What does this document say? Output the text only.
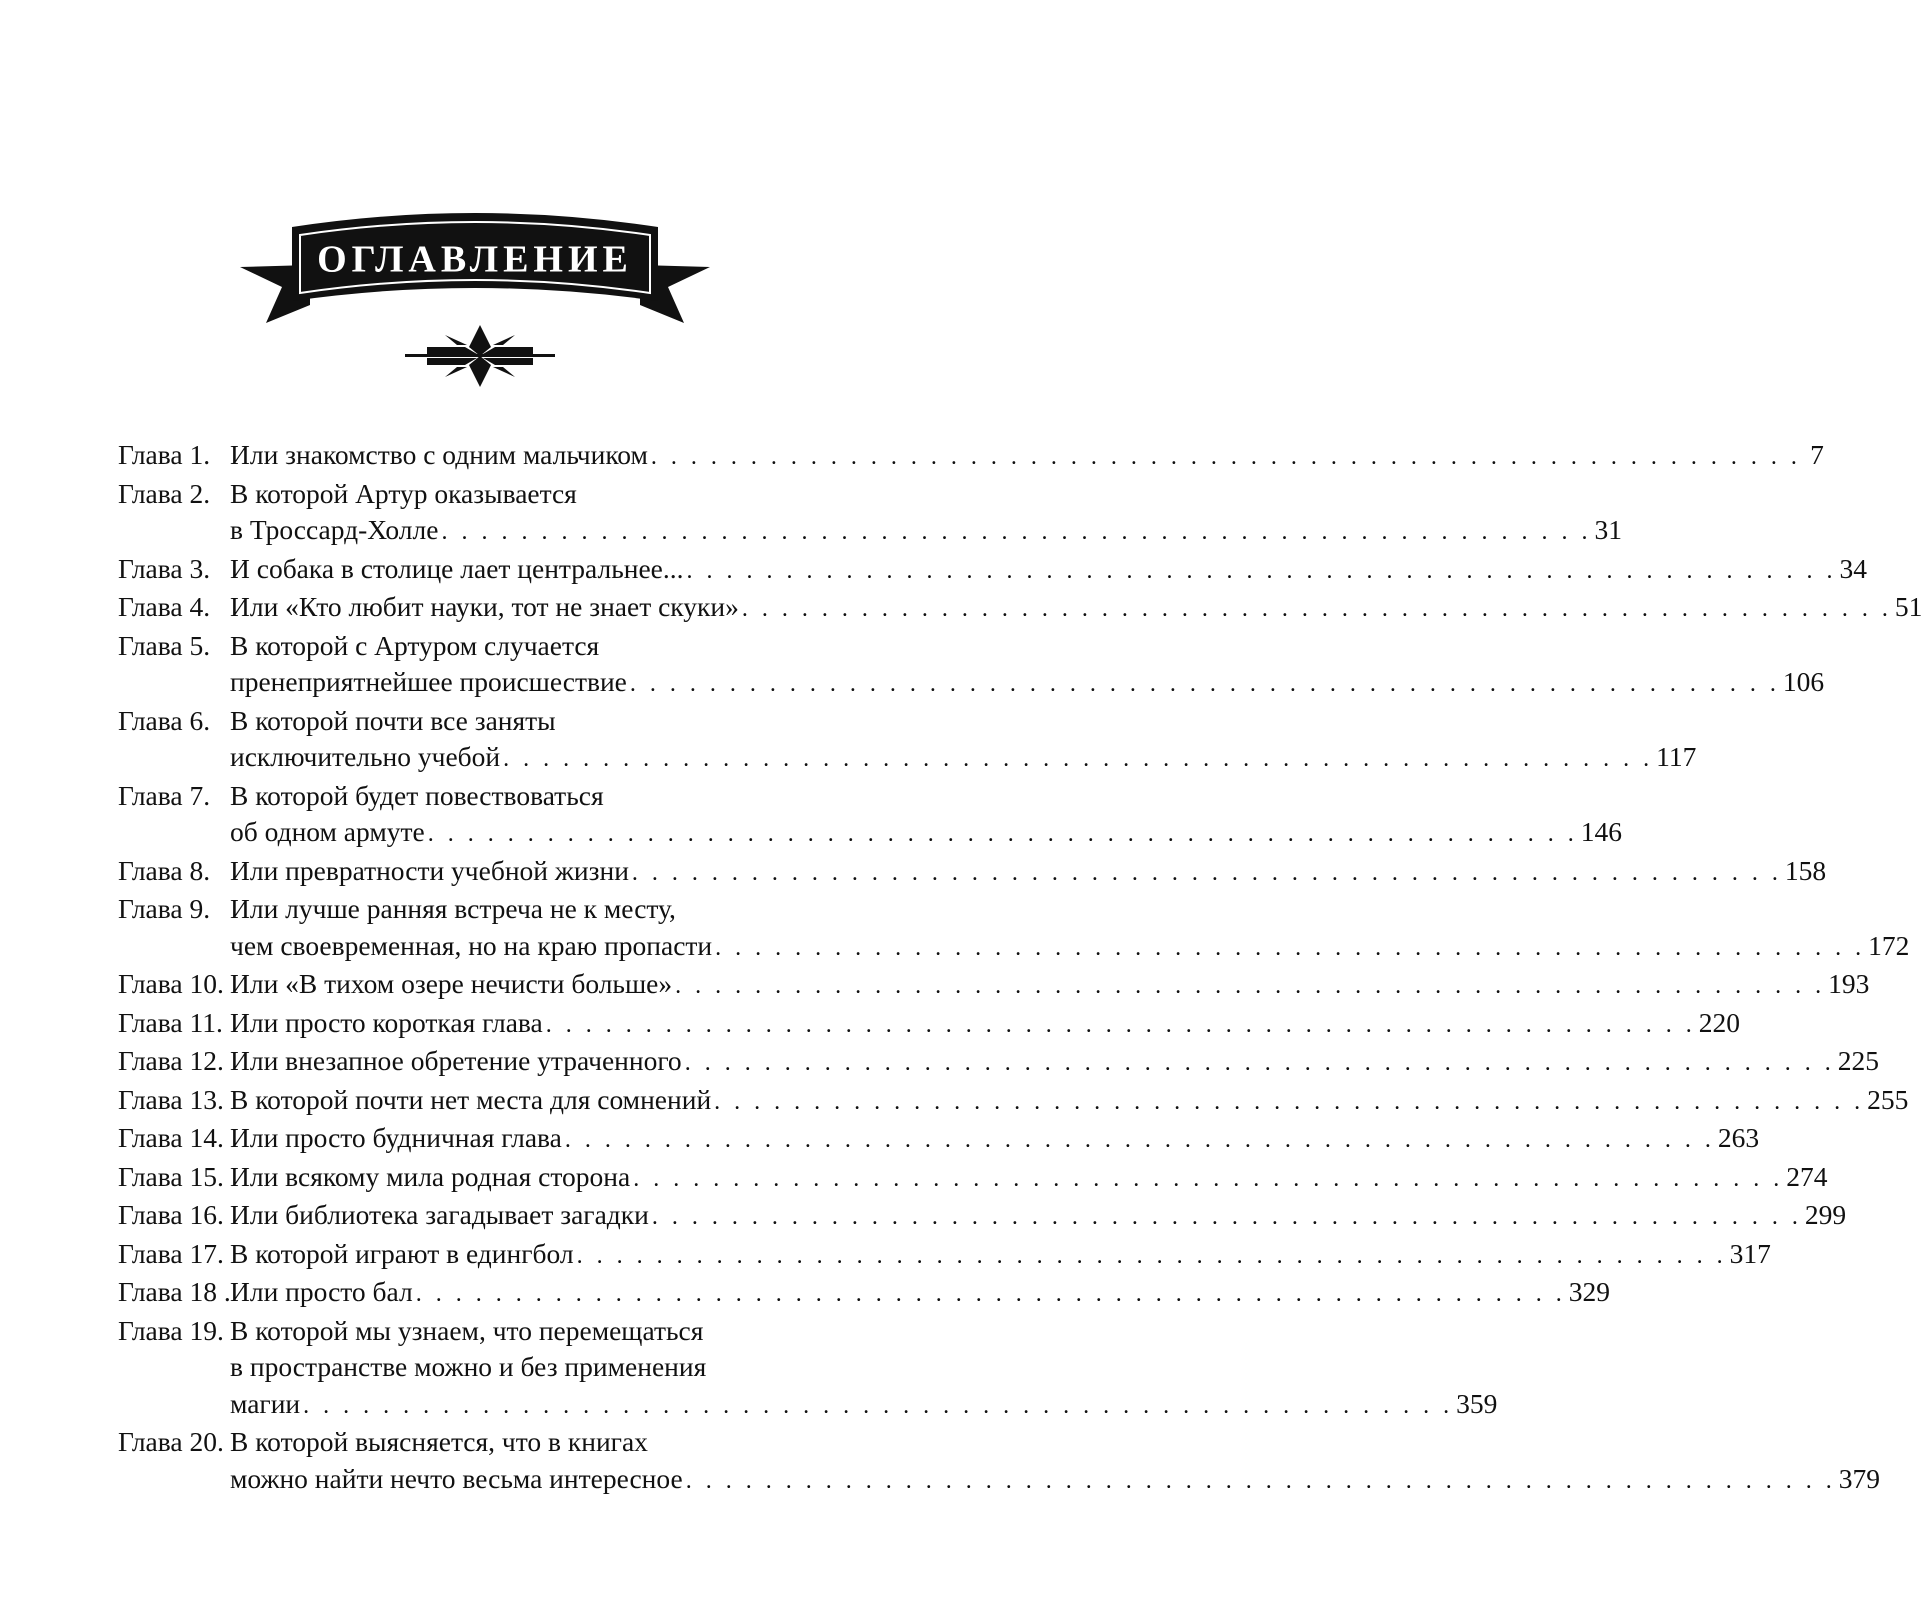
ОГЛАВЛЕНИЕ
Глава 1. Или знакомство с одним мальчиком . . . . . . . . . . . . . . . . . . . . . . . . . . . . . . . . . . . . . . . . . . . . . . . . . . . . . . . . . . 7
Глава 2. В которой Артур оказывается
в Троссард-Холле . . . . . . . . . . . . . . . . . . . . . . . . . . . . . . . . . . . . . . . . . . . . . . . . . . . . . . . . . . 31
Глава 3. И собака в столице лает центральнее... . . . . . . . . . . . . . . . . . . . . . . . . . . . . . . . . . . . . . . . . . . . . . . . . . . . . . . . . . . 34
Глава 4. Или «Кто любит науки, тот не знает скуки» . . . . . . . . . . . . . . . . . . . . . . . . . . . . . . . . . . . . . . . . . . . . . . . . . . . . . . . . . . 51
Глава 5. В которой с Артуром случается
пренеприятнейшее происшествие . . . . . . . . . . . . . . . . . . . . . . . . . . . . . . . . . . . . . . . . . . . . . . . . . . . . . . . . . . 106
Глава 6. В которой почти все заняты
исключительно учебой . . . . . . . . . . . . . . . . . . . . . . . . . . . . . . . . . . . . . . . . . . . . . . . . . . . . . . . . . . 117
Глава 7. В которой будет повествоваться
об одном армуте . . . . . . . . . . . . . . . . . . . . . . . . . . . . . . . . . . . . . . . . . . . . . . . . . . . . . . . . . . 146
Глава 8. Или превратности учебной жизни . . . . . . . . . . . . . . . . . . . . . . . . . . . . . . . . . . . . . . . . . . . . . . . . . . . . . . . . . . 158
Глава 9. Или лучше ранняя встреча не к месту,
чем своевременная, но на краю пропасти . . . . . . . . . . . . . . . . . . . . . . . . . . . . . . . . . . . . . . . . . . . . . . . . . . . . . . . . . . 172
Глава 10. Или «В тихом озере нечисти больше» . . . . . . . . . . . . . . . . . . . . . . . . . . . . . . . . . . . . . . . . . . . . . . . . . . . . . . . . . . 193
Глава 11. Или просто короткая глава . . . . . . . . . . . . . . . . . . . . . . . . . . . . . . . . . . . . . . . . . . . . . . . . . . . . . . . . . . 220
Глава 12. Или внезапное обретение утраченного . . . . . . . . . . . . . . . . . . . . . . . . . . . . . . . . . . . . . . . . . . . . . . . . . . . . . . . . . . 225
Глава 13. В которой почти нет места для сомнений . . . . . . . . . . . . . . . . . . . . . . . . . . . . . . . . . . . . . . . . . . . . . . . . . . . . . . . . . . 255
Глава 14. Или просто будничная глава . . . . . . . . . . . . . . . . . . . . . . . . . . . . . . . . . . . . . . . . . . . . . . . . . . . . . . . . . . 263
Глава 15. Или всякому мила родная сторона . . . . . . . . . . . . . . . . . . . . . . . . . . . . . . . . . . . . . . . . . . . . . . . . . . . . . . . . . . 274
Глава 16. Или библиотека загадывает загадки . . . . . . . . . . . . . . . . . . . . . . . . . . . . . . . . . . . . . . . . . . . . . . . . . . . . . . . . . . 299
Глава 17. В которой играют в едингбол . . . . . . . . . . . . . . . . . . . . . . . . . . . . . . . . . . . . . . . . . . . . . . . . . . . . . . . . . . 317
Глава 18 . Или просто бал . . . . . . . . . . . . . . . . . . . . . . . . . . . . . . . . . . . . . . . . . . . . . . . . . . . . . . . . . . 329
Глава 19. В которой мы узнаем, что перемещаться
в пространстве можно и без применения
магии . . . . . . . . . . . . . . . . . . . . . . . . . . . . . . . . . . . . . . . . . . . . . . . . . . . . . . . . . . 359
Глава 20. В которой выясняется, что в книгах
можно найти нечто весьма интересное . . . . . . . . . . . . . . . . . . . . . . . . . . . . . . . . . . . . . . . . . . . . . . . . . . . . . . . . . . 379
